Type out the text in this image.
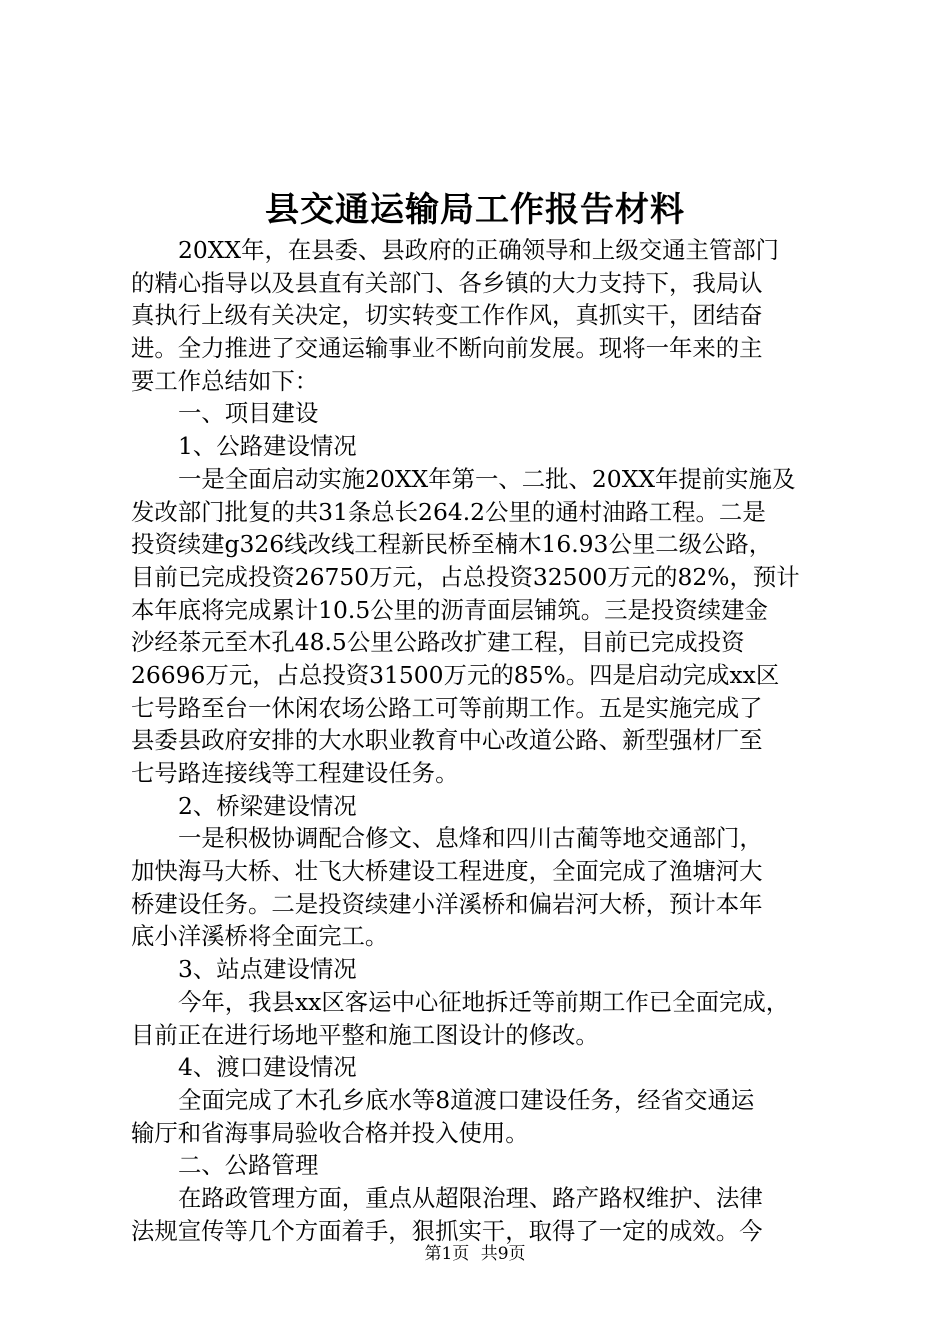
县交通运输局工作报告材料
20XX年，在县委、县政府的正确领导和上级交通主管部门
的精心指导以及县直有关部门、各乡镇的大力支持下，我局认
真执行上级有关决定，切实转变工作作风，真抓实干，团结奋
进。全力推进了交通运输事业不断向前发展。现将一年来的主
要工作总结如下：
一、项目建设
1、公路建设情况
一是全面启动实施20XX年第一、二批、20XX年提前实施及
发改部门批复的共31条总长264.2公里的通村油路工程。二是
投资续建g326线改线工程新民桥至楠木16.93公里二级公路，
目前已完成投资26750万元，占总投资32500万元的82%，预计
本年底将完成累计10.5公里的沥青面层铺筑。三是投资续建金
沙经茶元至木孔48.5公里公路改扩建工程，目前已完成投资
26696万元，占总投资31500万元的85%。四是启动完成xx区
七号路至台一休闲农场公路工可等前期工作。五是实施完成了
县委县政府安排的大水职业教育中心改道公路、新型强材厂至
七号路连接线等工程建设任务。
2、桥梁建设情况
一是积极协调配合修文、息烽和四川古蔺等地交通部门，
加快海马大桥、壮飞大桥建设工程进度，全面完成了渔塘河大
桥建设任务。二是投资续建小洋溪桥和偏岩河大桥，预计本年
底小洋溪桥将全面完工。
3、站点建设情况
今年，我县xx区客运中心征地拆迁等前期工作已全面完成，
目前正在进行场地平整和施工图设计的修改。
4、渡口建设情况
全面完成了木孔乡底水等8道渡口建设任务，经省交通运
输厅和省海事局验收合格并投入使用。
二、公路管理
在路政管理方面，重点从超限治理、路产路权维护、法律
法规宣传等几个方面着手，狠抓实干，取得了一定的成效。今
第1页 共9页
